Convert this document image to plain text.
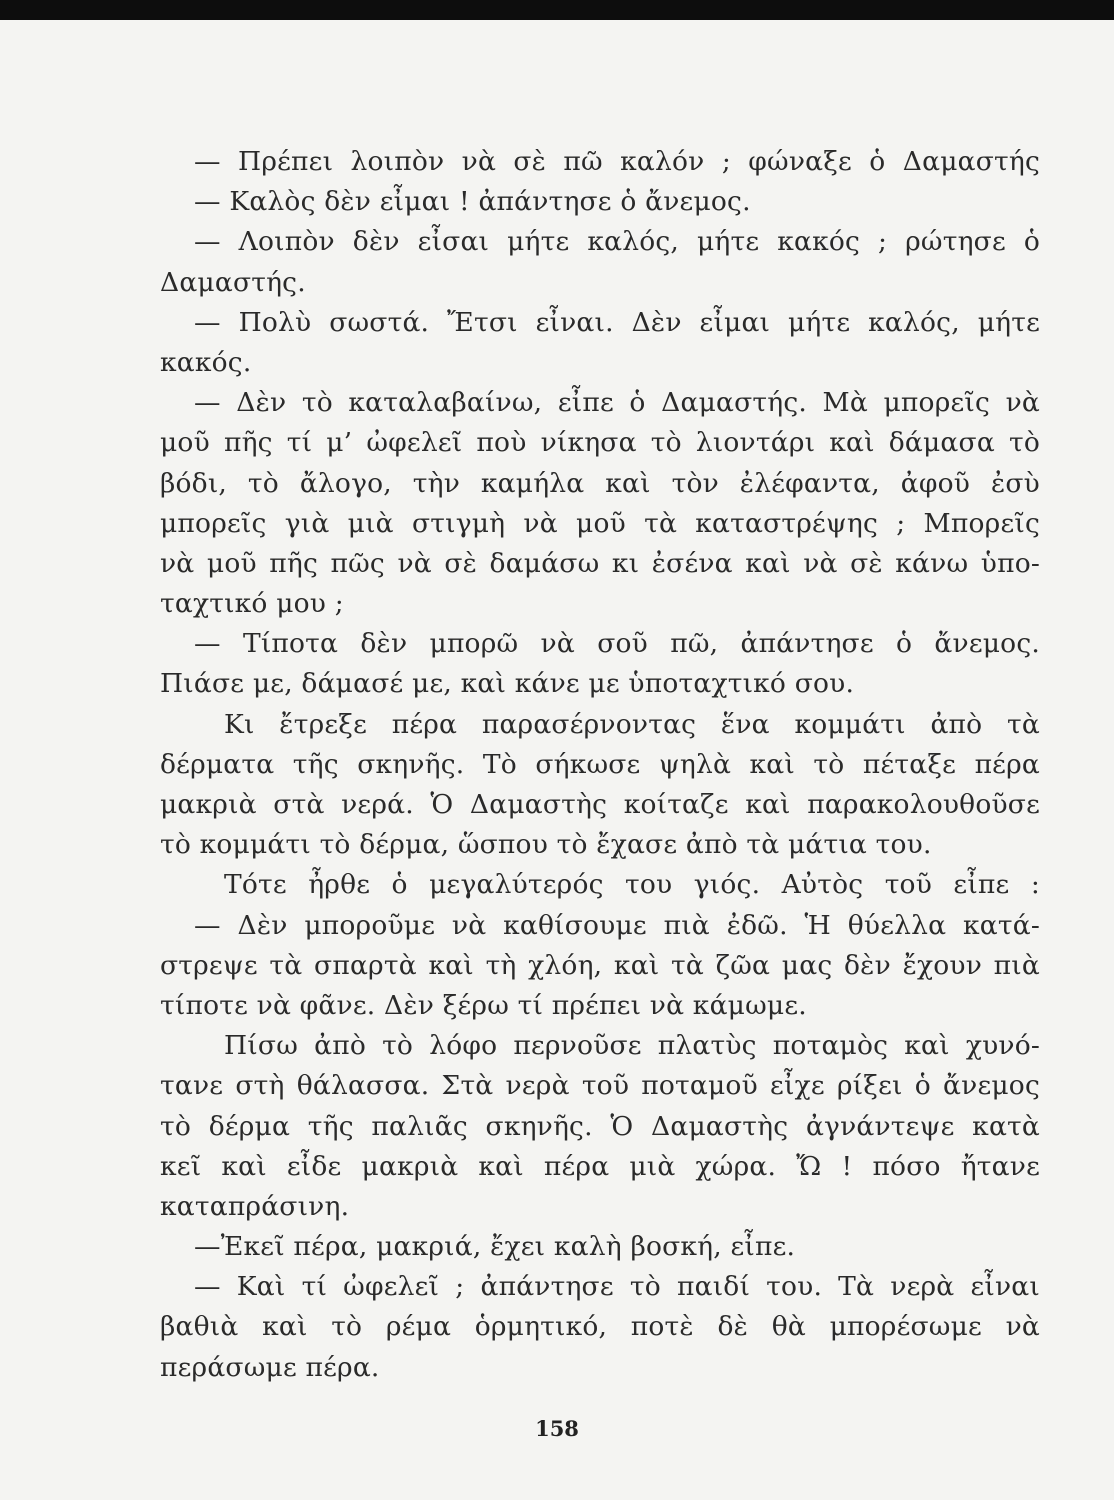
— Πρέπει λοιπὸν νὰ σὲ πῶ καλόν ; φώναξε ὁ Δαμαστής
— Καλὸς δὲν εἶμαι ! ἀπάντησε ὁ ἄνεμος.
— Λοιπὸν δὲν εἶσαι μήτε καλός, μήτε κακός ; ρώτησε ὁ
Δαμαστής.
— Πολὺ σωστά. Ἔτσι εἶναι. Δὲν εἶμαι μήτε καλός, μήτε
κακός.
— Δὲν τὸ καταλαβαίνω, εἶπε ὁ Δαμαστής. Μὰ μπορεῖς νὰ
μοῦ πῆς τί μ’ ὠφελεῖ ποὺ νίκησα τὸ λιοντάρι καὶ δάμασα τὸ
βόδι, τὸ ἄλογο, τὴν καμήλα καὶ τὸν ἐλέφαντα, ἀφοῦ ἐσὺ
μπορεῖς γιὰ μιὰ στιγμὴ νὰ μοῦ τὰ καταστρέψης ; Μπορεῖς
νὰ μοῦ πῆς πῶς νὰ σὲ δαμάσω κι ἐσένα καὶ νὰ σὲ κάνω ὑπο-
ταχτικό μου ;
— Τίποτα δὲν μπορῶ νὰ σοῦ πῶ, ἀπάντησε ὁ ἄνεμος.
Πιάσε με, δάμασέ με, καὶ κάνε με ὑποταχτικό σου.
Κι ἔτρεξε πέρα παρασέρνοντας ἕνα κομμάτι ἀπὸ τὰ
δέρματα τῆς σκηνῆς. Τὸ σήκωσε ψηλὰ καὶ τὸ πέταξε πέρα
μακριὰ στὰ νερά. Ὁ Δαμαστὴς κοίταζε καὶ παρακολουθοῦσε
τὸ κομμάτι τὸ δέρμα, ὥσπου τὸ ἔχασε ἀπὸ τὰ μάτια του.
Τότε ἦρθε ὁ μεγαλύτερός του γιός. Αὐτὸς τοῦ εἶπε :
— Δὲν μποροῦμε νὰ καθίσουμε πιὰ ἐδῶ. Ἡ θύελλα κατά-
στρεψε τὰ σπαρτὰ καὶ τὴ χλόη, καὶ τὰ ζῶα μας δὲν ἔχουν πιὰ
τίποτε νὰ φᾶνε. Δὲν ξέρω τί πρέπει νὰ κάμωμε.
Πίσω ἀπὸ τὸ λόφο περνοῦσε πλατὺς ποταμὸς καὶ χυνό-
τανε στὴ θάλασσα. Στὰ νερὰ τοῦ ποταμοῦ εἶχε ρίξει ὁ ἄνεμος
τὸ δέρμα τῆς παλιᾶς σκηνῆς. Ὁ Δαμαστὴς ἀγνάντεψε κατὰ
κεῖ καὶ εἶδε μακριὰ καὶ πέρα μιὰ χώρα. Ὤ ! πόσο ἤτανε
καταπράσινη.
—Ἐκεῖ πέρα, μακριά, ἔχει καλὴ βοσκή, εἶπε.
— Καὶ τί ὠφελεῖ ; ἀπάντησε τὸ παιδί του. Τὰ νερὰ εἶναι
βαθιὰ καὶ τὸ ρέμα ὁρμητικό, ποτὲ δὲ θὰ μπορέσωμε νὰ
περάσωμε πέρα.
158
